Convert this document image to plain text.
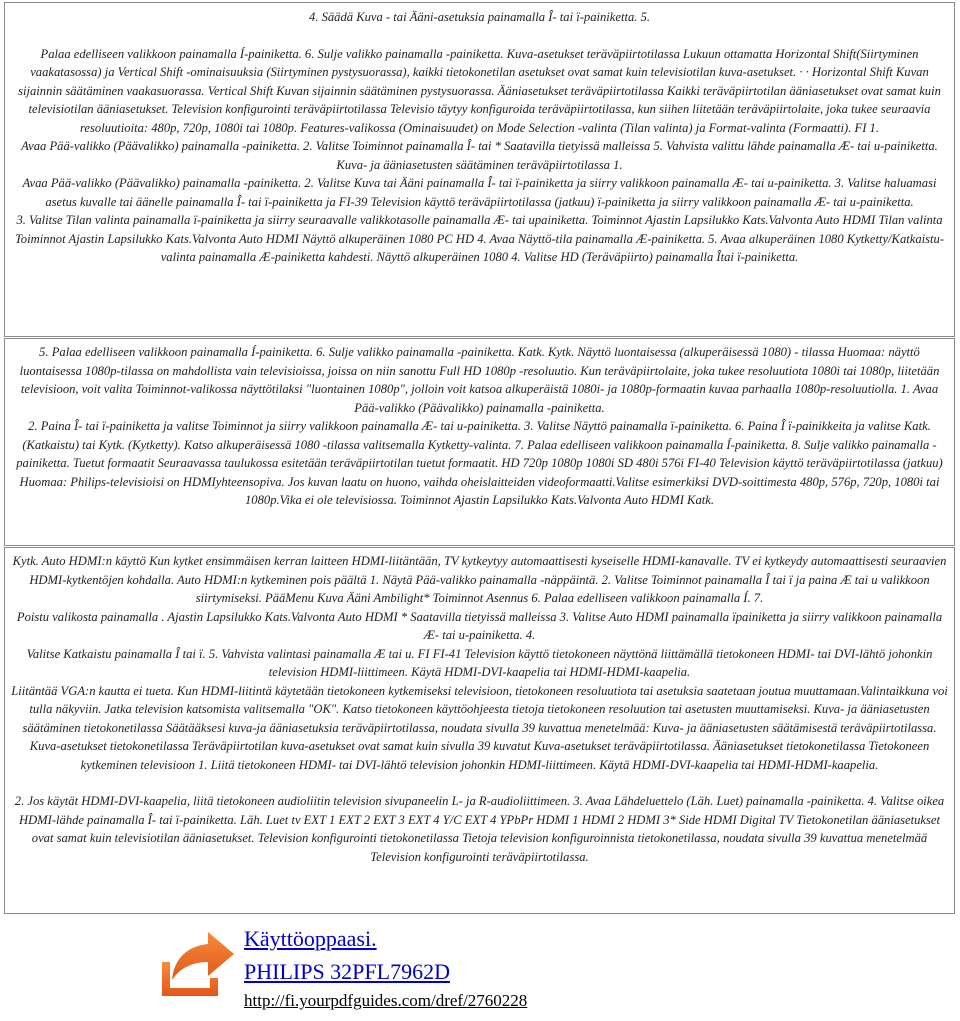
4. Säädä Kuva - tai Ääni-asetuksia painamalla Î- tai ï-painiketta. 5.

Palaa edelliseen valikkoon painamalla Í-painiketta. 6. Sulje valikko painamalla -painiketta. Kuva-asetukset teräväpiirtotilassa Lukuun ottamatta Horizontal Shift(Siirtyminen vaakatasossa) ja Vertical Shift -ominaisuuksia (Siirtyminen pystysuorassa), kaikki tietokonetilan asetukset ovat samat kuin televisiotilan kuva-asetukset. · · Horizontal Shift Kuvan sijainnin säätäminen vaakasuorassa. Vertical Shift Kuvan sijainnin säätäminen pystysuorassa. Ääniasetukset teräväpiirtotilassa Kaikki teräväpiirtotilan ääniasetukset ovat samat kuin televisiotilan ääniasetukset. Television konfigurointi teräväpiirtotilassa Televisio täytyy konfiguroida teräväpiirtotilassa, kun siihen liitetään teräväpiirtolaite, joka tukee seuraavia resoluutioita: 480p, 720p, 1080i tai 1080p. Features-valikossa (Ominaisuudet) on Mode Selection -valinta (Tilan valinta) ja Format-valinta (Formaatti). FI 1.

Avaa Pää-valikko (Päävalikko) painamalla -painiketta. 2. Valitse Toiminnot painamalla Î- tai * Saatavilla tietyissä malleissa 5. Vahvista valittu lähde painamalla Æ- tai u-painiketta. Kuva- ja ääniasetusten säätäminen teräväpiirtotilassa 1.

Avaa Pää-valikko (Päävalikko) painamalla -painiketta. 2. Valitse Kuva tai Ääni painamalla Î- tai ï-painiketta ja siirry valikkoon painamalla Æ- tai u-painiketta. 3. Valitse haluamasi asetus kuvalle tai äänelle painamalla Î- tai ï-painiketta ja FI-39 Television käyttö teräväpiirtotilassa (jatkuu) ï-painiketta ja siirry valikkoon painamalla Æ- tai u-painiketta.

3. Valitse Tilan valinta painamalla ï-painiketta ja siirry seuraavalle valikkotasolle painamalla Æ- tai upainiketta. Toiminnot Ajastin Lapsilukko Kats.Valvonta Auto HDMI Tilan valinta Toiminnot Ajastin Lapsilukko Kats.Valvonta Auto HDMI Näyttö alkuperäinen 1080 PC HD 4. Avaa Näyttö-tila painamalla Æ-painiketta. 5. Avaa alkuperäinen 1080 Kytketty/Katkaistu-valinta painamalla Æ-painiketta kahdesti. Näyttö alkuperäinen 1080 4. Valitse HD (Teräväpiirto) painamalla Îtai ï-painiketta.

5. Palaa edelliseen valikkoon painamalla Í-painiketta. 6. Sulje valikko painamalla -painiketta. Katk. Kytk. Näyttö luontaisessa (alkuperäisessä 1080) - tilassa Huomaa: näyttö luontaisessa 1080p-tilassa on mahdollista vain televisioissa, joissa on niin sanottu Full HD 1080p -resoluutio. Kun teräväpiirtolaite, joka tukee resoluutiota 1080i tai 1080p, liitetään televisioon, voit valita Toiminnot-valikossa näyttötilaksi "luontainen 1080p", jolloin voit katsoa alkuperäistä 1080i- ja 1080p-formaatin kuvaa parhaalla 1080p-resoluutiolla. 1. Avaa Pää-valikko (Päävalikko) painamalla -painiketta.

2. Paina Î- tai ï-painiketta ja valitse Toiminnot ja siirry valikkoon painamalla Æ- tai u-painiketta. 3. Valitse Näyttö painamalla ï-painiketta. 6. Paina Î ï-painikkeita ja valitse Katk. (Katkaistu) tai Kytk. (Kytketty). Katso alkuperäisessä 1080 -tilassa valitsemalla Kytketty-valinta. 7. Palaa edelliseen valikkoon painamalla Í-painiketta. 8. Sulje valikko painamalla -painiketta. Tuetut formaatit Seuraavassa taulukossa esitetään teräväpiirtotilan tuetut formaatit. HD 720p 1080p 1080i SD 480i 576i FI-40 Television käyttö teräväpiirtotilassa (jatkuu) Huomaa: Philips-televisioisi on HDMIyhteensopiva. Jos kuvan laatu on huono, vaihda oheislaitteiden videoformaatti.Valitse esimerkiksi DVD-soittimesta 480p, 576p, 720p, 1080i tai 1080p.Vika ei ole televisiossa. Toiminnot Ajastin Lapsilukko Kats.Valvonta Auto HDMI Katk.

Kytk. Auto HDMI:n käyttö Kun kytket ensimmäisen kerran laitteen HDMI-liitäntään, TV kytkeytyy automaattisesti kyseiselle HDMI-kanavalle. TV ei kytkeydy automaattisesti seuraavien HDMI-kytkentöjen kohdalla. Auto HDMI:n kytkeminen pois päältä 1. Näytä Pää-valikko painamalla -näppäintä. 2. Valitse Toiminnot painamalla Î tai ï ja paina Æ tai u valikkoon siirtymiseksi. PääMenu Kuva Ääni Ambilight* Toiminnot Asennus 6. Palaa edelliseen valikkoon painamalla Í. 7.

Poistu valikosta painamalla . Ajastin Lapsilukko Kats.Valvonta Auto HDMI * Saatavilla tietyissä malleissa 3. Valitse Auto HDMI painamalla ïpainiketta ja siirry valikkoon painamalla Æ- tai u-painiketta. 4.

Valitse Katkaistu painamalla Î tai ï. 5. Vahvista valintasi painamalla Æ tai u. FI FI-41 Television käyttö tietokoneen näyttönä liittämällä tietokoneen HDMI- tai DVI-lähtö johonkin television HDMI-liittimeen. Käytä HDMI-DVI-kaapelia tai HDMI-HDMI-kaapelia.

Liitäntää VGA:n kautta ei tueta. Kun HDMI-liitintä käytetään tietokoneen kytkemiseksi televisioon, tietokoneen resoluutiota tai asetuksia saatetaan joutua muuttamaan.Valintaikkuna voi tulla näkyviin. Jatka television katsomista valitsemalla "OK". Katso tietokoneen käyttöohjeesta tietoja tietokoneen resoluution tai asetusten muuttamiseksi. Kuva- ja ääniasetusten säätäminen tietokonetilassa Säätääksesi kuva-ja ääniasetuksia teräväpiirtotilassa, noudata sivulla 39 kuvattua menetelmää: Kuva- ja ääniasetusten säätämisestä teräväpiirtotilassa. Kuva-asetukset tietokonetilassa Teräväpiirtotilan kuva-asetukset ovat samat kuin sivulla 39 kuvatut Kuva-asetukset teräväpiirtotilassa. Ääniasetukset tietokonetilassa Tietokoneen kytkeminen televisioon 1. Liitä tietokoneen HDMI- tai DVI-lähtö television johonkin HDMI-liittimeen. Käytä HDMI-DVI-kaapelia tai HDMI-HDMI-kaapelia.

2. Jos käytät HDMI-DVI-kaapelia, liitä tietokoneen audioliitin television sivupaneelin L- ja R-audioliittimeen. 3. Avaa Lähdeluettelo (Läh. Luet) painamalla -painiketta. 4. Valitse oikea HDMI-lähde painamalla Î- tai ï-painiketta. Läh. Luet tv EXT 1 EXT 2 EXT 3 EXT 4 Y/C EXT 4 YPbPr HDMI 1 HDMI 2 HDMI 3* Side HDMI Digital TV Tietokonetilan ääniasetukset ovat samat kuin televisiotilan ääniasetukset. Television konfigurointi tietokonetilassa Tietoja television konfiguroinnista tietokonetilassa, noudata sivulla 39 kuvattua menetelmää Television konfigurointi teräväpiirtotilassa.

Käyttöoppaasi.
PHILIPS 32PFL7962D
http://fi.yourpdfguides.com/dref/2760228
